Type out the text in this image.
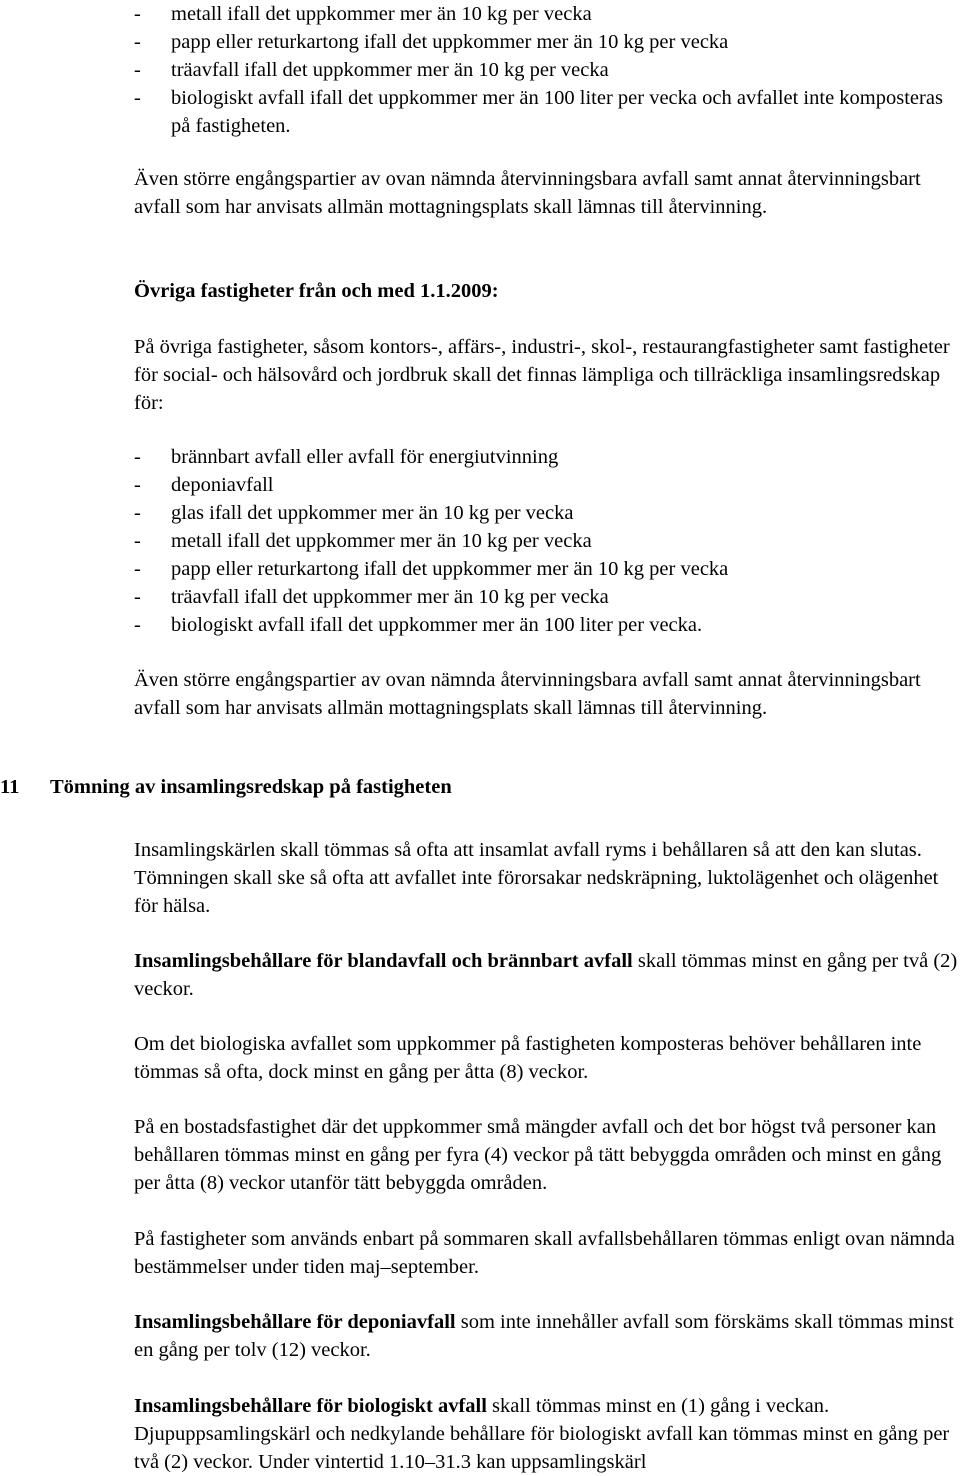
- metall ifall det uppkommer mer än 10 kg per vecka
- papp eller returkartong ifall det uppkommer mer än 10 kg per vecka
- träavfall ifall det uppkommer mer än 10 kg per vecka
- biologiskt avfall ifall det uppkommer mer än 100 liter per vecka och avfallet inte komposteras på fastigheten.

Även större engångspartier av ovan nämnda återvinningsbara avfall samt annat återvinningsbart avfall som har anvisats allmän mottagningsplats skall lämnas till återvinning.

Övriga fastigheter från och med 1.1.2009:

På övriga fastigheter, såsom kontors-, affärs-, industri-, skol-, restaurangfastigheter samt fastigheter för social- och hälsovård och jordbruk skall det finnas lämpliga och tillräckliga insamlingsredskap för:

- brännbart avfall eller avfall för energiutvinning
- deponiavfall
- glas ifall det uppkommer mer än 10 kg per vecka
- metall ifall det uppkommer mer än 10 kg per vecka
- papp eller returkartong ifall det uppkommer mer än 10 kg per vecka
- träavfall ifall det uppkommer mer än 10 kg per vecka
- biologiskt avfall ifall det uppkommer mer än 100 liter per vecka.

Även större engångspartier av ovan nämnda återvinningsbara avfall samt annat återvinningsbart avfall som har anvisats allmän mottagningsplats skall lämnas till återvinning.

11 Tömning av insamlingsredskap på fastigheten

Insamlingskärlen skall tömmas så ofta att insamlat avfall ryms i behållaren så att den kan slutas. Tömningen skall ske så ofta att avfallet inte förorsakar nedskräpning, luktolägenhet och olägenhet för hälsa.

Insamlingsbehållare för blandavfall och brännbart avfall skall tömmas minst en gång per två (2) veckor.

Om det biologiska avfallet som uppkommer på fastigheten komposteras behöver behållaren inte tömmas så ofta, dock minst en gång per åtta (8) veckor.

På en bostadsfastighet där det uppkommer små mängder avfall och det bor högst två personer kan behållaren tömmas minst en gång per fyra (4) veckor på tätt bebyggda områden och minst en gång per åtta (8) veckor utanför tätt bebyggda områden.

På fastigheter som används enbart på sommaren skall avfallsbehållaren tömmas enligt ovan nämnda bestämmelser under tiden maj–september.

Insamlingsbehållare för deponiavfall som inte innehåller avfall som förskäms skall tömmas minst en gång per tolv (12) veckor.

Insamlingsbehållare för biologiskt avfall skall tömmas minst en (1) gång i veckan. Djupuppsamlingskärl och nedkylande behållare för biologiskt avfall kan tömmas minst en gång per två (2) veckor. Under vintertid 1.10–31.3 kan uppsamlingskärl
